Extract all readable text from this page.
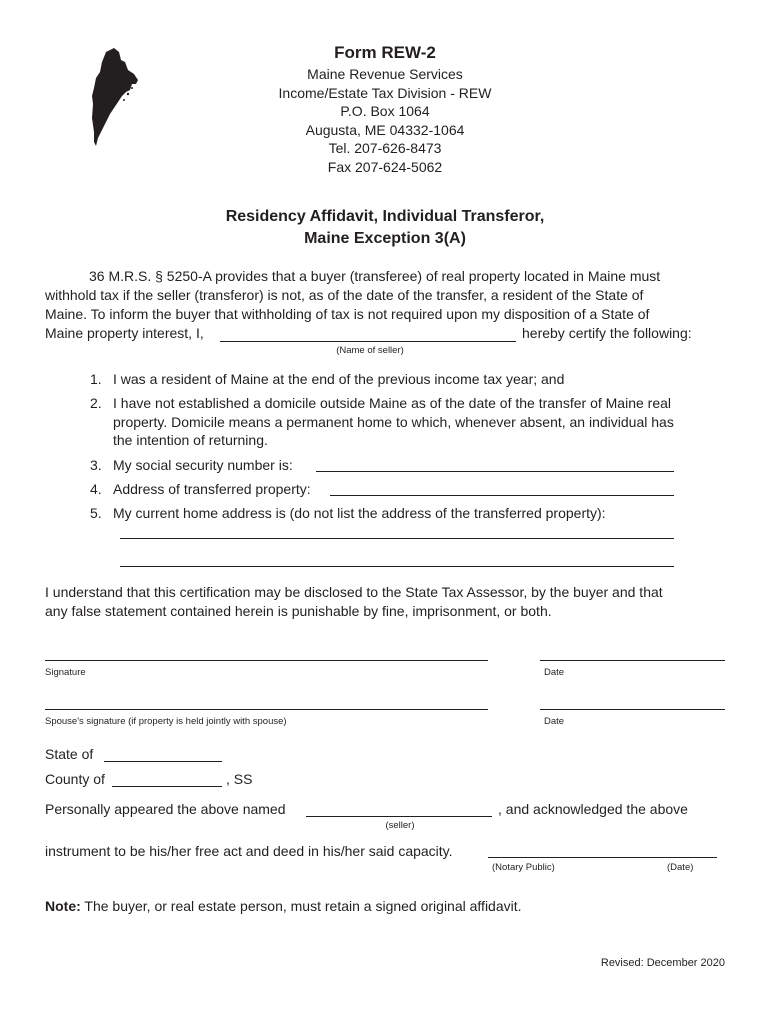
Form REW-2
Maine Revenue Services
Income/Estate Tax Division - REW
P.O. Box 1064
Augusta, ME 04332-1064
Tel. 207-626-8473
Fax 207-624-5062
Residency Affidavit, Individual Transferor,
Maine Exception 3(A)
36 M.R.S. § 5250-A provides that a buyer (transferee) of real property located in Maine must
withhold tax if the seller (transferor) is not, as of the date of the transfer, a resident of the State of
Maine. To inform the buyer that withholding of tax is not required upon my disposition of a State of
Maine property interest, I,	hereby certify the following:
(Name of seller)
1. I was a resident of Maine at the end of the previous income tax year; and
2. I have not established a domicile outside Maine as of the date of the transfer of Maine real
property. Domicile means a permanent home to which, whenever absent, an individual has
the intention of returning.
3. My social security number is:
4. Address of transferred property:
5. My current home address is (do not list the address of the transferred property):
I understand that this certification may be disclosed to the State Tax Assessor, by the buyer and that
any false statement contained herein is punishable by fine, imprisonment, or both.
Signature	Date
Spouse's signature (if property is held jointly with spouse)	Date
State of
County of	, SS
Personally appeared the above named	, and acknowledged the above
(seller)
instrument to be his/her free act and deed in his/her said capacity.
(Notary Public)	(Date)
Note: The buyer, or real estate person, must retain a signed original affidavit.
Revised: December 2020
